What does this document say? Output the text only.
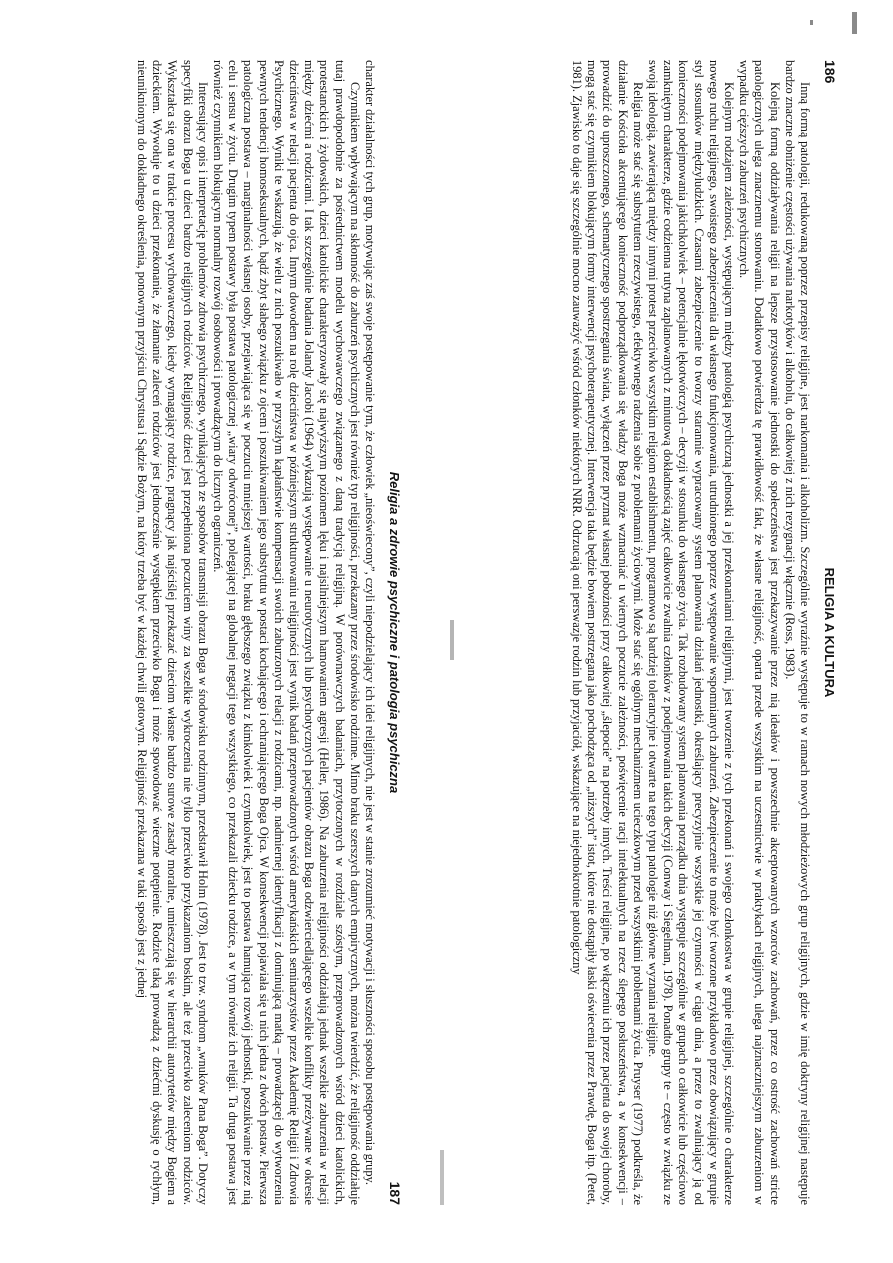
186
RELIGIA A KULTURA

Inną formą patologii, redukowaną poprzez przepisy religijne, jest narkomania i alkoholizm. Szczególnie wyraźnie występuje to w ramach nowych młodzieżowych grup religijnych, gdzie w imię doktryny religijnej następuje bardzo znaczne obniżenie częstości używania narkotyków i alkoholu, do całkowitej z nich rezygnacji włącznie (Ross, 1983).

Kolejną formą oddziaływania religii na lepsze przystosowanie jednostki do społeczeństwa jest przekazywanie przez nią ideałów i powszechnie akceptowanych wzorców zachowań, przez co ostrość zachowań stricte patologicznych ulega znacznemu stonowaniu. Dodatkowo potwierdza tę prawidłowość fakt, że własne religijność, oparta przede wszystkim na uczestnictwie w praktykach religijnych, ulega najznaczniejszym zaburzeniom w wypadku cięższych zaburzeń psychicznych.

Kolejnym rodzajem zależności, występującym między patologią psychiczną jednostki a jej przekonaniami religijnymi, jest tworzenie z tych przekonań i swojego członkostwa w grupie religijnej, szczególnie o charakterze nowego ruchu religijnego, swoistego zabezpieczenia dla własnego funkcjonowania, utrudnionego poprzez występowanie wspomnianych zaburzeń. Zabezpieczenie to może być tworzone przykładowo przez obowiązujący w grupie styl stosunków międzyludzkich. Czasami zabezpieczenie to tworzy starannie wypracowany system planowania działań jednostki, określający precyzyjnie wszystkie jej czynności w ciągu dnia, a przez to zwalniający ją od konieczności podejmowania jakichkolwiek – potencjalnie lękotwórczych – decyzji w stosunku do własnego życia. Tak rozbudowany system planowania porządku dnia występuje szczególnie w grupach o całkowicie lub częściowo zamkniętym charakterze, gdzie codzienna rutyna zaplanowanych z minutową dokładnością zajęć całkowicie zwalnia członków z podejmowania takich decyzji (Conway i Siegelman, 1978). Ponadto grupy te – często w związku ze swoją ideologią, zawierającą między innymi protest przeciwko wszystkim religiom establishmentu, programowo są bardziej tolerancyjne i otwarte na tego typu patologie niż główne wyznania religijne.

Religia może stać się substytutem rzeczywistego, efektywnego radzenia sobie z problemami życiowymi. Może stać się ogólnym mechanizmem ucieczkowym przed wszystkimi problemami życia. Pruyser (1977) podkreśla, że działanie Kościoła akcentującego konieczność podporządkowania się władzy Boga może wzmacniać u wiernych poczucie zależności, poświęcenie racji intelektualnych na rzecz ślepego posłuszeństwa, a w konsekwencji – prowadzić do uproszczonego, schematycznego spostrzegania świata, wyłączeń przez pryzmat własnej pobożności przy całkowitej „ślepocie” na potrzeby innych. Treści religijne, po włączeniu ich przez pacjenta do swojej choroby, mogą stać się czynnikiem blokującym formy interwencji psychoterapeutycznej. Interwencja taka będzie bowiem postrzegana jako pochodząca od „niższych” istot, które nie dostąpiły łaski oświecenia przez Prawdę, Boga itp. (Petet, 1981). Zjawisko to daje się szczególnie mocno zauważyć wśród członków niektórych NRR. Odrzucają oni perswazje rodzin lub przyjaciół, wskazujące na niejednokrotnie patologiczny

Religia a zdrowie psychiczne i patologia psychiczna
187

charakter działalności tych grup, motywując zaś swoje postępowanie tym, że człowiek „nieoświecony”, czyli niepodzielający ich idei religijnych, nie jest w stanie zrozumieć motywacji i słuszności sposobu postępowania grupy.

Czynnikiem wpływającym na skłonność do zaburzeń psychicznych jest również typ religijności, przekazany przez środowisko rodzinne. Mimo braku szerszych danych empirycznych, można twierdzić, że religijność oddziałuje tutaj prawdopodobnie za pośrednictwem modelu wychowawczego związanego z daną tradycją religijną. W porównawczych badaniach, przytoczonych w rozdziale szóstym, przeprowadzonych wśród dzieci katolickich, protestanckich i żydowskich, dzieci katolickie charakteryzowały się najwyższym poziomem lęku i najsilniejszym hamowaniem agresji (Heller, 1986). Na zaburzenia religijności oddziałują jednak wszelkie zaburzenia w relacji między dziećmi a rodzicami. I tak szczególnie badania Jolandy Jacobi (1964) wykazują występowanie u neurotycznych lub psychotycznych pacjentów obrazu Boga odzwierciedlającego wszelkie konflikty przeżywane w okresie dzieciństwa w relacji pacjenta do ojca. Innym dowodem na rolę dzieciństwa w późniejszym strukturowaniu religijności jest wynik badań przeprowadzonych wśród amerykańskich seminarzystów przez Akademię Religii i Zdrowia Psychicznego. Wyniki te wskazują, że wielu z nich poszukiwało w przyszłym kapłaństwie kompensacji swoich zaburzonych relacji z rodzicami, np. nadmiernej identyfikacji z dominującą matką – prowadzącej do wytworzenia pewnych tendencji homoseksualnych, bądź zbyt słabego związku z ojcem i poszukiwaniem jego substytutu w postaci kochającego i ochraniającego Boga Ojca. W konsekwencji pojawiała się u nich jedna z dwóch postaw. Pierwsza patologiczna postawa – marginalności własnej osoby, przejawiająca się w poczuciu mniejszej wartości, braku głębszego związku z kimkolwiek i czymkolwiek, jest to postawa hamująca rozwój jednostki, poszukiwanie przez nią celu i sensu w życiu. Drugim typem postawy była postawa patologicznej „wiary odwróconej”, polegającej na globalnej negacji tego wszystkiego, co przekazali dziecku rodzice, a w tym również ich religii. Ta druga postawa jest również czynnikiem blokującym normalny rozwój osobowości i prowadzącym do licznych ograniczeń.

Interesujący opis i interpretację problemów zdrowia psychicznego, wynikających ze sposobów transmisji obrazu Boga w środowisku rodzinnym, przedstawił Holm (1978). Jest to tzw. syndrom „wnuków Pana Boga”. Dotyczy specyfiki obrazu Boga u dzieci bardzo religijnych rodziców. Religijność dzieci jest przepełniona poczuciem winy za wszelkie wykroczenia nie tylko przeciwko przykazaniom boskim, ale też przeciwko zaleceniom rodziców. Wykształca się ona w trakcie procesu wychowawczego, kiedy wymagający rodzice, pragnący jak najściślej przekazać dzieciom własne bardzo surowe zasady moralne, umieszczają się w hierarchii autorytetów między Bogiem a dzieckiem. Wywołuje to u dzieci przekonanie, że złamanie zaleceń rodziców jest jednocześnie występkiem przeciwko Bogu i może spowodować wieczne potępienie. Rodzice taką prowadzą z dziećmi dyskusję o rychłym, nieuniknionym do dokładnego określenia, ponownym przyjściu Chrystusa i Sądzie Bożym, na który trzeba być w każdej chwili gotowym. Religijność przekazana w taki sposób jest z jednej
